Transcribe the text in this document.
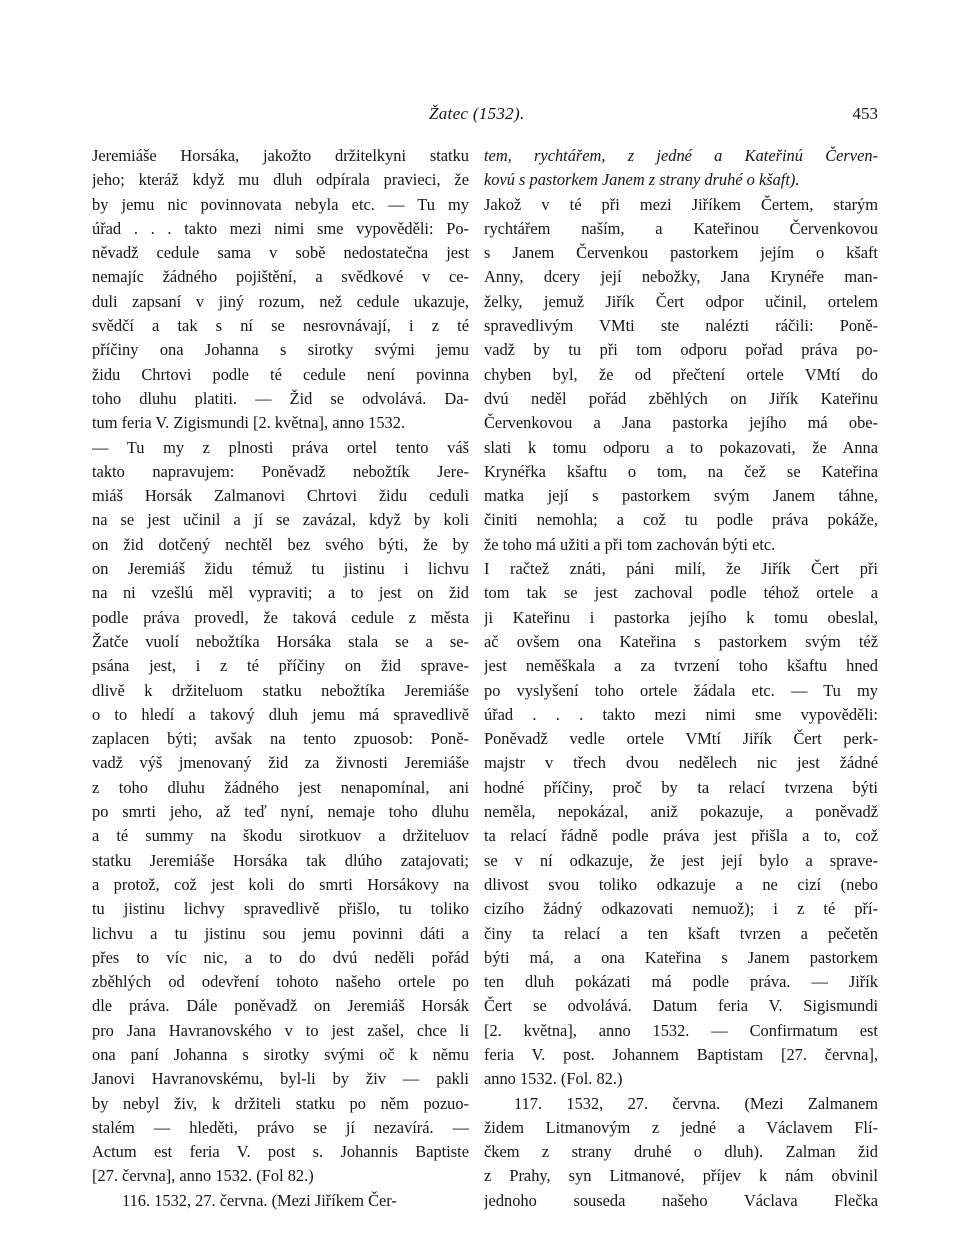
Žatec (1532).	453
Jeremiáše Horsáka, jakožto držitelkyni statku
jeho; kteráž když mu dluh odpírala pravieci, že
by jemu nic povinnovata nebyla etc. — Tu my
úřad . . . takto mezi nimi sme vypověděli: Po-
něvadž cedule sama v sobě nedostatečna jest
nemajíc žádného pojištění, a svědkové v ce-
duli zapsaní v jiný rozum, než cedule ukazuje,
svědčí a tak s ní se nesrovnávají, i z té
příčiny ona Johanna s sirotky svými jemu
židu Chrtovi podle té cedule není povinna
toho dluhu platiti. — Žid se odvolává. Da-
tum feria V. Zigismundi [2. května], anno 1532.
— Tu my z plnosti práva ortel tento váš
takto napravujem: Poněvadž nebožtík Jere-
miáš Horsák Zalmanovi Chrtovi židu ceduli
na se jest učinil a jí se zavázal, když by koli
on žid dotčený nechtěl bez svého býti, že by
on Jeremiáš židu témuž tu jistinu i lichvu
na ni vzešlú měl vypraviti; a to jest on žid
podle práva provedl, že taková cedule z města
Žatče vuolí nebožtíka Horsáka stala se a se-
psána jest, i z té příčiny on žid sprave-
dlivě k držiteluom statku nebožtíka Jeremiáše
o to hledí a takový dluh jemu má spravedlivě
zaplacen býti; avšak na tento zpuosob: Poně-
vadž výš jmenovaný žid za živnosti Jeremiáše
z toho dluhu žádného jest nenapomínal, ani
po smrti jeho, až teď nyní, nemaje toho dluhu
a té summy na škodu sirotkuov a držiteluov
statku Jeremiáše Horsáka tak dlúho zatajovati;
a protož, což jest koli do smrti Horsákovy na
tu jistinu lichvy spravedlivě přišlo, tu toliko
lichvu a tu jistinu sou jemu povinni dáti a
přes to víc nic, a to do dvú neděli pořád
zběhlých od odevření tohoto našeho ortele po
dle práva. Dále poněvadž on Jeremiáš Horsák
pro Jana Havranovského v to jest zašel, chce li
ona paní Johanna s sirotky svými oč k němu
Janovi Havranovskému, byl-li by živ — pakli
by nebyl živ, k držiteli statku po něm pozuo-
stalém — hleděti, právo se jí nezavírá. —
Actum est feria V. post s. Johannis Baptiste
[27. června], anno 1532. (Fol 82.)
116. 1532, 27. června. (Mezi Jiříkem Čer-
tem, rychtářem, z jedné a Kateřinú Červen-
kovú s pastorkem Janem z strany druhé o kšaft).
Jakož v té při mezi Jiříkem Čertem, starým
rychtářem naším, a Kateřinou Červenkovou
s Janem Červenkou pastorkem jejím o kšaft
Anny, dcery její nebožky, Jana Krynéře man-
želky, jemuž Jiřík Čert odpor učinil, ortelem
spravedlivým VMti ste nalézti ráčili: Poně-
vadž by tu při tom odporu pořad práva po-
chyben byl, že od přečtení ortele VMtí do
dvú neděl pořád zběhlých on Jiřík Kateřinu
Červenkovou a Jana pastorka jejího má obe-
slati k tomu odporu a to pokazovati, že Anna
Krynéřka kšaftu o tom, na čež se Kateřina
matka její s pastorkem svým Janem táhne,
činiti nemohla; a což tu podle práva pokáže,
že toho má užiti a při tom zachován býti etc.
I račtež znáti, páni milí, že Jiřík Čert při
tom tak se jest zachoval podle téhož ortele a
ji Kateřinu i pastorka jejího k tomu obeslal,
ač ovšem ona Kateřina s pastorkem svým též
jest neměškala a za tvrzení toho kšaftu hned
po vyslyšení toho ortele žádala etc. — Tu my
úřad . . . takto mezi nimi sme vypověděli:
Poněvadž vedle ortele VMtí Jiřík Čert perk-
majstr v třech dvou nedělech nic jest žádné
hodné příčiny, proč by ta relací tvrzena býti
neměla, nepokázal, aniž pokazuje, a poněvadž
ta relací řádně podle práva jest přišla a to, což
se v ní odkazuje, že jest její bylo a sprave-
dlivost svou toliko odkazuje a ne cizí (nebo
cizího žádný odkazovati nemuož); i z té pří-
činy ta relací a ten kšaft tvrzen a pečetěn
býti má, a ona Kateřina s Janem pastorkem
ten dluh pokázati má podle práva. — Jiřík
Čert se odvolává. Datum feria V. Sigismundi
[2. května], anno 1532. — Confirmatum est
feria V. post. Johannem Baptistam [27. června],
anno 1532. (Fol. 82.)
117. 1532, 27. června. (Mezi Zalmanem
židem Litmanovým z jedné a Václavem Flí-
čkem z strany druhé o dluh). Zalman žid
z Prahy, syn Litmanové, příjev k nám obvinil
jednoho souseda našeho Václava Flečka
